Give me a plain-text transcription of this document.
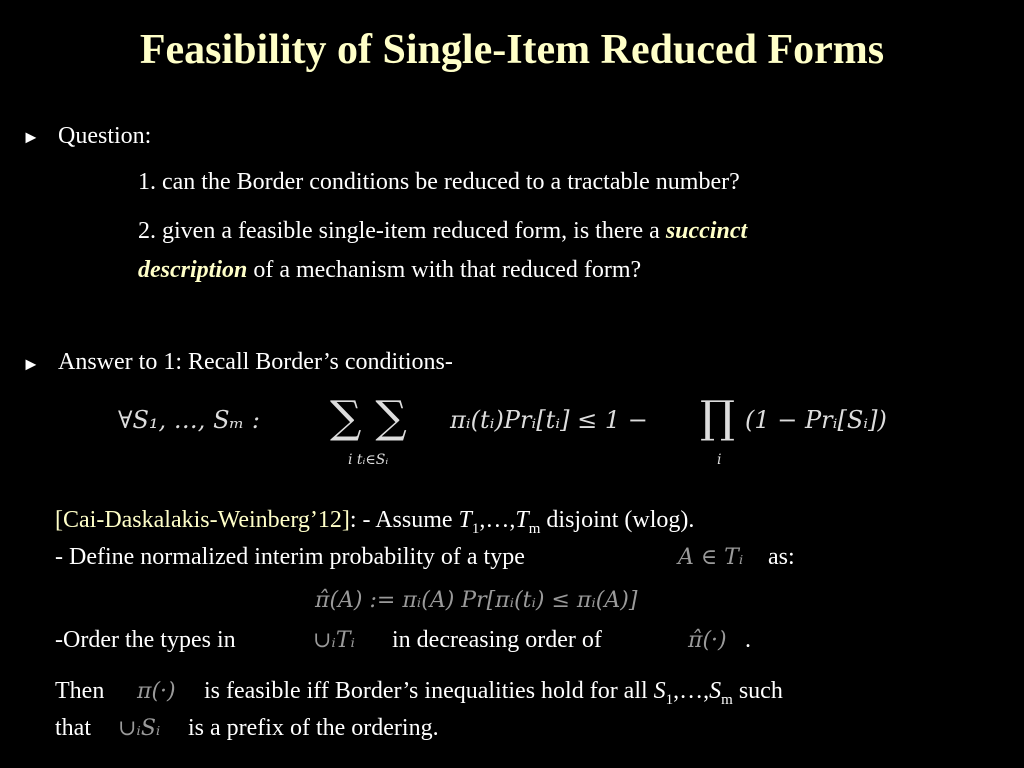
Feasibility of Single-Item Reduced Forms
► Question:
1. can the Border conditions be reduced to a tractable number?
2. given a feasible single-item reduced form, is there a succinct
description of a mechanism with that reduced form?
► Answer to 1: Recall Border’s conditions-
∀S₁, …, Sₘ : ∑ ∑
i tᵢ∈Sᵢ
πᵢ(tᵢ)Prᵢ[tᵢ] ≤ 1 − ∏
i
(1 − Prᵢ[Sᵢ])
[Cai-Daskalakis-Weinberg’12]: - Assume $T_1,\dots,T_m$ disjoint (wlog).
- Define normalized interim probability of a type	A ∈ Tᵢ as:
π̂(A) := πᵢ(A) Pr[πᵢ(tᵢ) ≤ πᵢ(A)]
-Order the types in	∪ᵢTᵢ in decreasing order of	π̂(·) .
Then π(·) is feasible iff Border’s inequalities hold for all $S_1,\dots,S_m$ such
that ∪ᵢSᵢ is a prefix of the ordering.
